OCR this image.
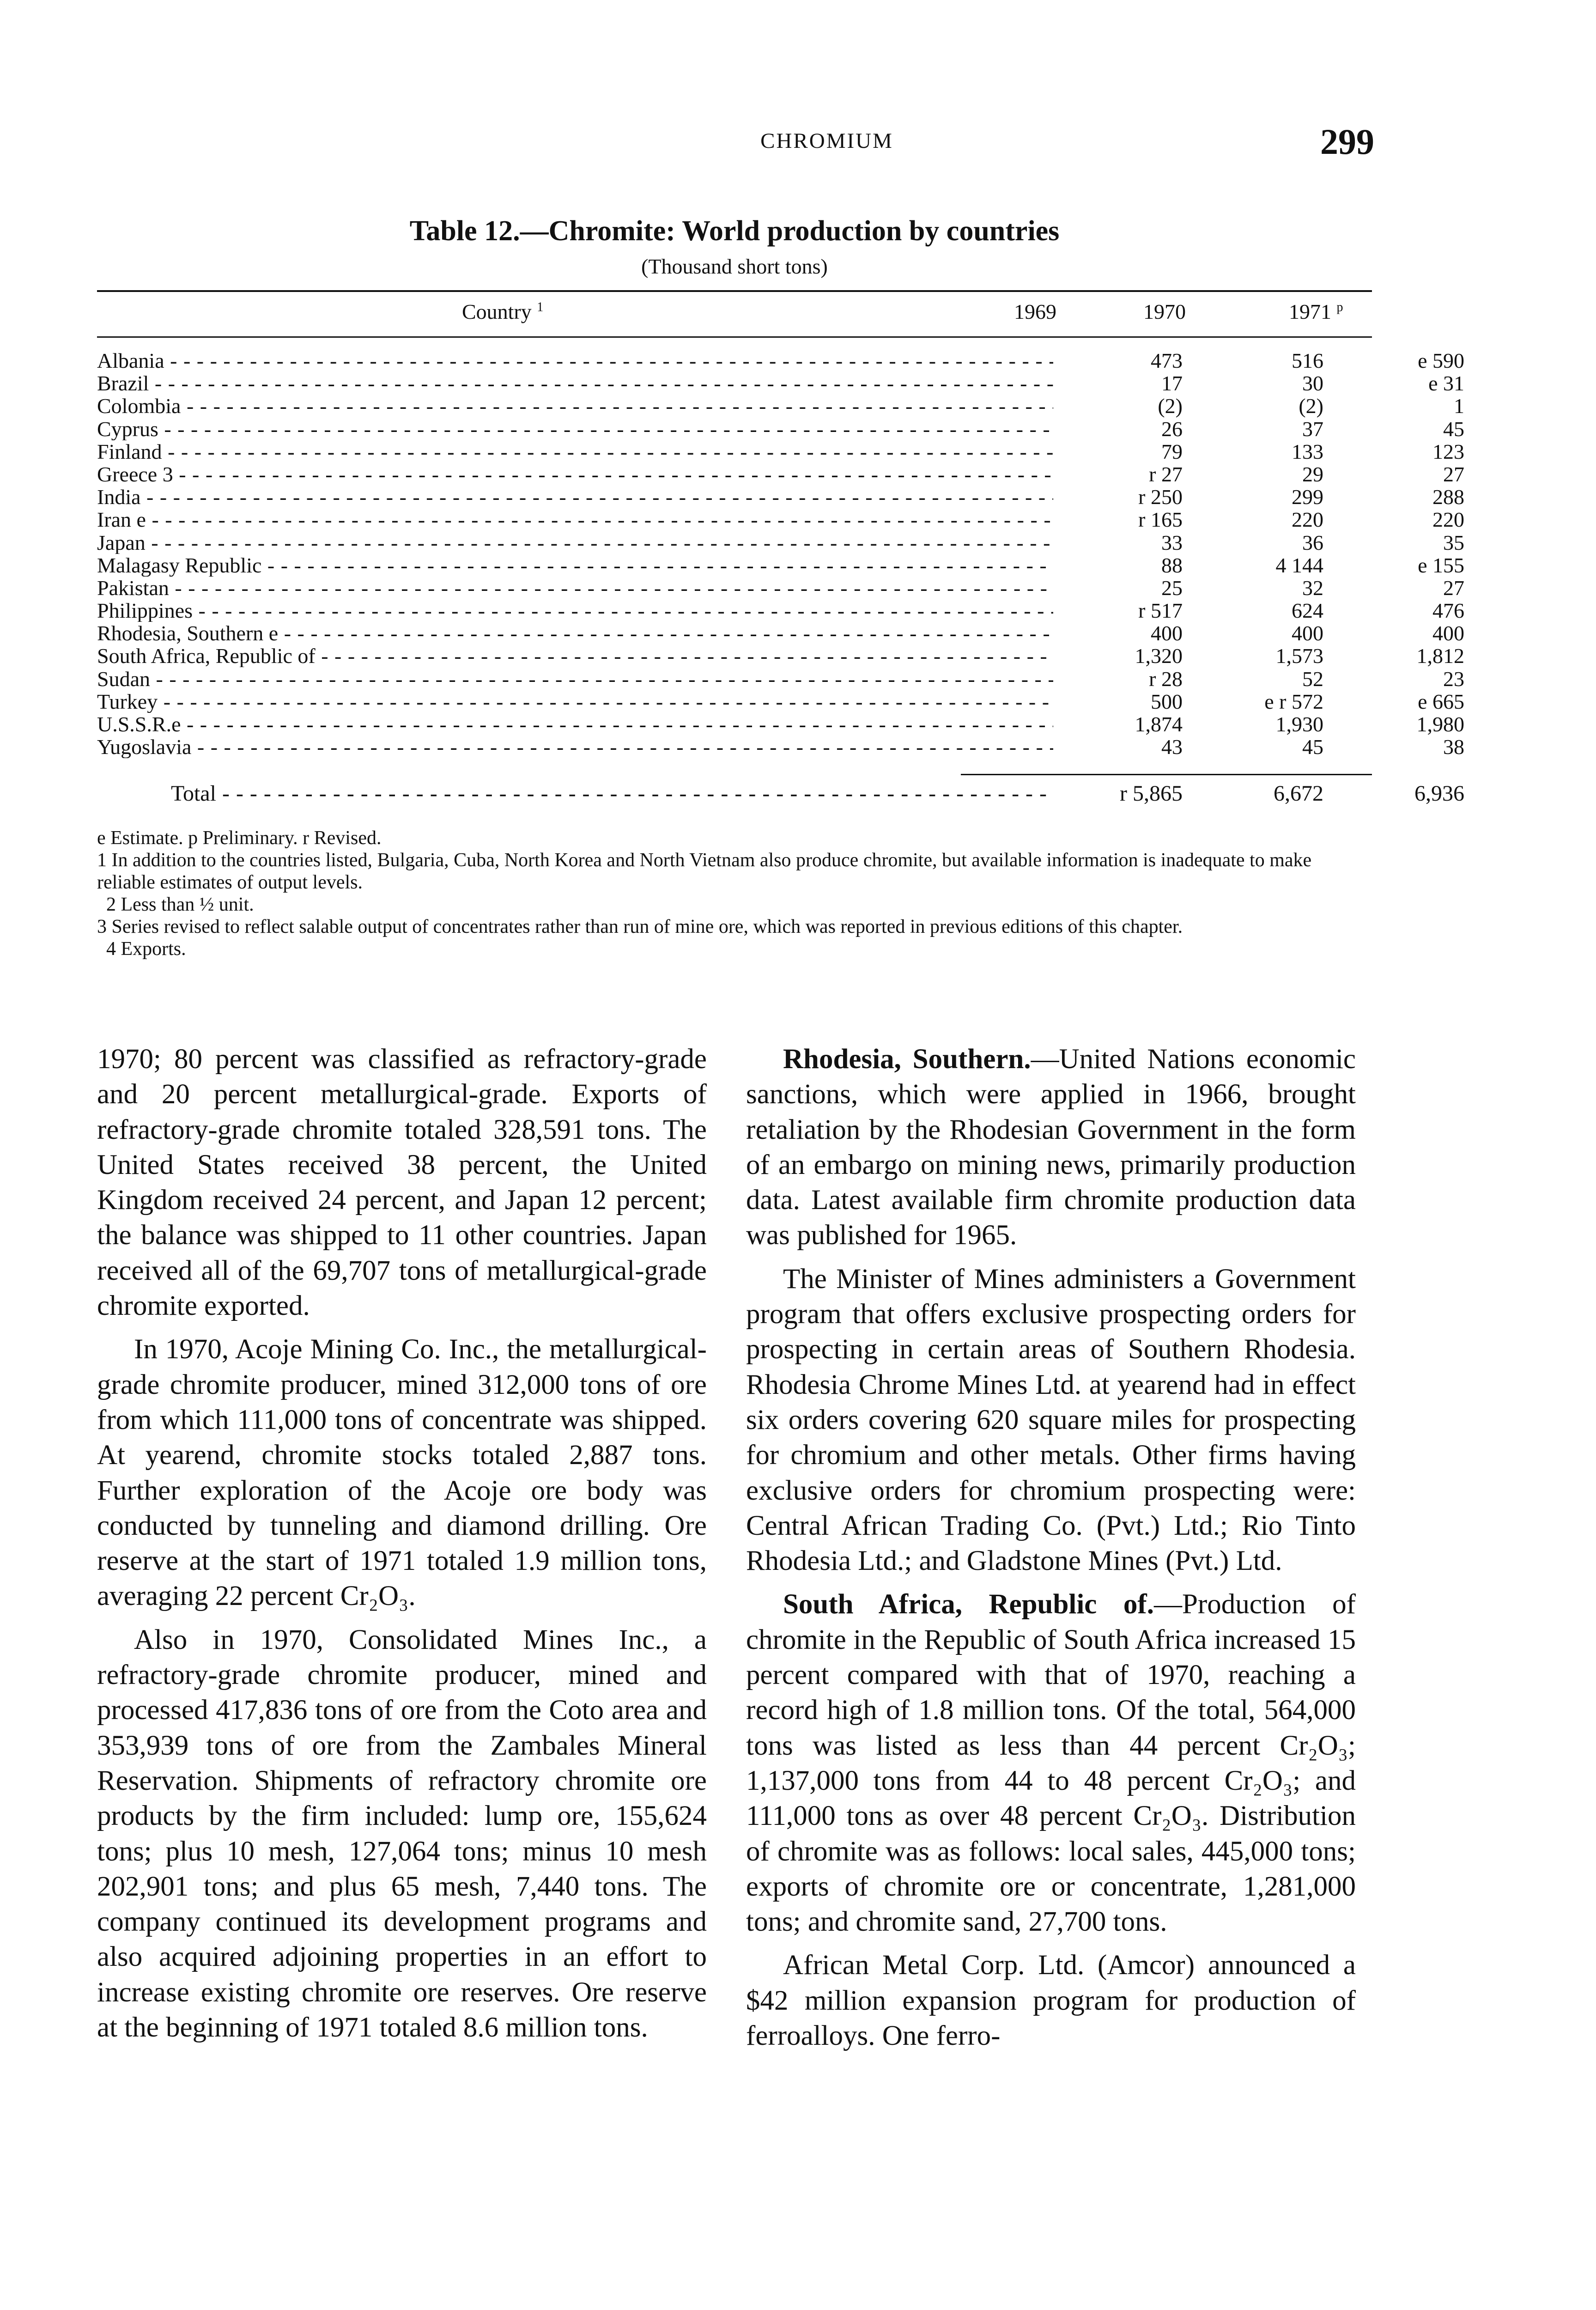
CHROMIUM	299
Table 12.—Chromite: World production by countries
(Thousand short tons)
Country $^1$	1969	1970	1971 $^p$
Albania - - -	473	516	e 590
Brazil - - -	17	30	e 31
Colombia - - -	(2)	(2)	1
Cyprus - - -	26	37	45
Finland - - -	79	133	123
Greece 3 - - -	r 27	29	27
India - - -	r 250	299	288
Iran e - - -	r 165	220	220
Japan - - -	33	36	35
Malagasy Republic - - -	88	4 144	e 155
Pakistan - - -	25	32	27
Philippines - - -	r 517	624	476
Rhodesia, Southern e - - -	400	400	400
South Africa, Republic of - - -	1,320	1,573	1,812
Sudan - - -	r 28	52	23
Turkey - - -	500	e r 572	e 665
U.S.S.R.e - - -	1,874	1,930	1,980
Yugoslavia - - -	43	45	38
Total - - -	r 5,865	6,672	6,936

e Estimate. p Preliminary. r Revised.

1 In addition to the countries listed, Bulgaria, Cuba, North Korea and North Vietnam also produce chromite, but available information is inadequate to make reliable estimates of output levels.

2 Less than ½ unit.

3 Series revised to reflect salable output of concentrates rather than run of mine ore, which was reported in previous editions of this chapter.

4 Exports.

1970; 80 percent was classified as refractory-grade and 20 percent metallurgical-grade. Exports of refractory-grade chromite totaled 328,591 tons. The United States received 38 percent, the United Kingdom received 24 percent, and Japan 12 percent; the balance was shipped to 11 other countries. Japan received all of the 69,707 tons of metallurgical-grade chromite exported.

In 1970, Acoje Mining Co. Inc., the metallurgical-grade chromite producer, mined 312,000 tons of ore from which 111,000 tons of concentrate was shipped. At yearend, chromite stocks totaled 2,887 tons. Further exploration of the Acoje ore body was conducted by tunneling and diamond drilling. Ore reserve at the start of 1971 totaled 1.9 million tons, averaging 22 percent Cr₂O₃.

Also in 1970, Consolidated Mines Inc., a refractory-grade chromite producer, mined and processed 417,836 tons of ore from the Coto area and 353,939 tons of ore from the Zambales Mineral Reservation. Shipments of refractory chromite ore products by the firm included: lump ore, 155,624 tons; plus 10 mesh, 127,064 tons; minus 10 mesh 202,901 tons; and plus 65 mesh, 7,440 tons. The company continued its development programs and also acquired adjoining properties in an effort to increase existing chromite ore reserves. Ore reserve at the beginning of 1971 totaled 8.6 million tons.

Rhodesia, Southern.—United Nations economic sanctions, which were applied in 1966, brought retaliation by the Rhodesian Government in the form of an embargo on mining news, primarily production data. Latest available firm chromite production data was published for 1965.

The Minister of Mines administers a Government program that offers exclusive prospecting orders for prospecting in certain areas of Southern Rhodesia. Rhodesia Chrome Mines Ltd. at yearend had in effect six orders covering 620 square miles for prospecting for chromium and other metals. Other firms having exclusive orders for chromium prospecting were: Central African Trading Co. (Pvt.) Ltd.; Rio Tinto Rhodesia Ltd.; and Gladstone Mines (Pvt.) Ltd.

South Africa, Republic of.—Production of chromite in the Republic of South Africa increased 15 percent compared with that of 1970, reaching a record high of 1.8 million tons. Of the total, 564,000 tons was listed as less than 44 percent Cr₂O₃; 1,137,000 tons from 44 to 48 percent Cr₂O₃; and 111,000 tons as over 48 percent Cr₂O₃. Distribution of chromite was as follows: local sales, 445,000 tons; exports of chromite ore or concentrate, 1,281,000 tons; and chromite sand, 27,700 tons.

African Metal Corp. Ltd. (Amcor) announced a $42 million expansion program for production of ferroalloys. One ferro-
